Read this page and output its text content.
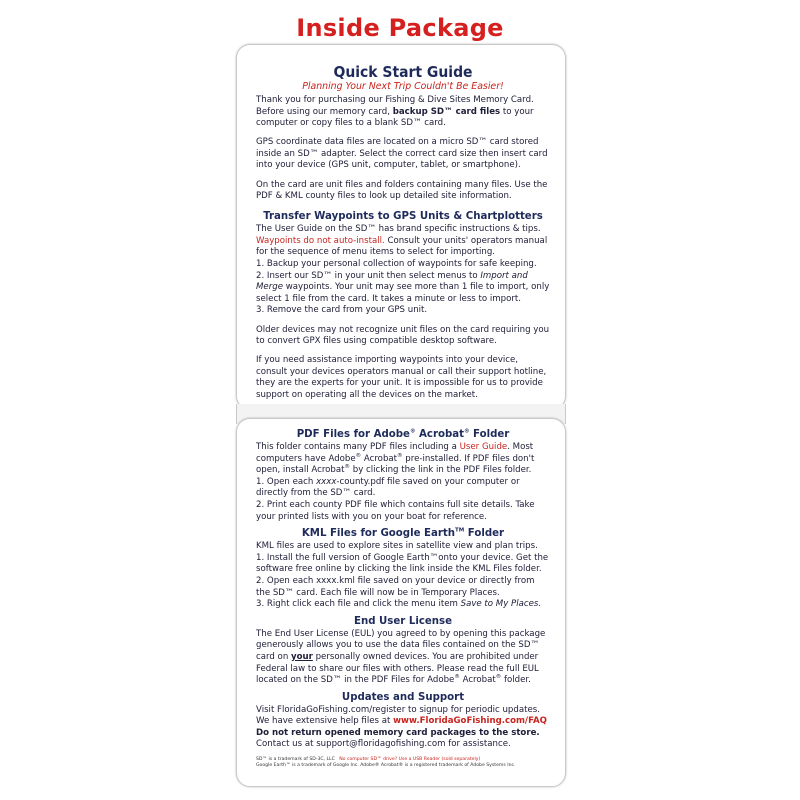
Inside Package
Quick Start Guide
Planning Your Next Trip Couldn't Be Easier!

Thank you for purchasing our Fishing & Dive Sites Memory Card. Before using our memory card, backup SD™ card files to your computer or copy files to a blank SD™ card.

GPS coordinate data files are located on a micro SD™ card stored inside an SD™ adapter. Select the correct card size then insert card into your device (GPS unit, computer, tablet, or smartphone).

On the card are unit files and folders containing many files. Use the PDF & KML county files to look up detailed site information.

Transfer Waypoints to GPS Units & Chartplotters

The User Guide on the SD™ has brand specific instructions & tips.
Waypoints do not auto-install. Consult your units' operators manual for the sequence of menu items to select for importing.
1. Backup your personal collection of waypoints for safe keeping.
2. Insert our SD™ in your unit then select menus to Import and Merge waypoints. Your unit may see more than 1 file to import, only select 1 file from the card. It takes a minute or less to import.
3. Remove the card from your GPS unit.

Older devices may not recognize unit files on the card requiring you to convert GPX files using compatible desktop software.

If you need assistance importing waypoints into your device, consult your devices operators manual or call their support hotline, they are the experts for your unit. It is impossible for us to provide support on operating all the devices on the market.

PDF Files for Adobe® Acrobat® Folder

This folder contains many PDF files including a User Guide. Most computers have Adobe® Acrobat® pre-installed. If PDF files don't open, install Acrobat® by clicking the link in the PDF Files folder.
1. Open each xxxx-county.pdf file saved on your computer or directly from the SD™ card.
2. Print each county PDF file which contains full site details. Take your printed lists with you on your boat for reference.

KML Files for Google Earth™ Folder

KML files are used to explore sites in satellite view and plan trips.
1. Install the full version of Google Earth™onto your device. Get the software free online by clicking the link inside the KML Files folder.
2. Open each xxxx.kml file saved on your device or directly from the SD™ card. Each file will now be in Temporary Places.
3. Right click each file and click the menu item Save to My Places.

End User License

The End User License (EUL) you agreed to by opening this package generously allows you to use the data files contained on the SD™ card on your personally owned devices. You are prohibited under Federal law to share our files with others. Please read the full EUL located on the SD™ in the PDF Files for Adobe® Acrobat® folder.

Updates and Support

Visit FloridaGoFishing.com/register to signup for periodic updates.
We have extensive help files at www.FloridaGoFishing.com/FAQ
Do not return opened memory card packages to the store.
Contact us at support@floridagofishing.com for assistance.

SD™ is a trademark of SD-3C, LLC No computer SD™ drive? Use a USB Reader (sold separately)
Google Earth™ is a trademark of Google Inc. Adobe® Acrobat® is a registered trademark of Adobe Systems Inc.
